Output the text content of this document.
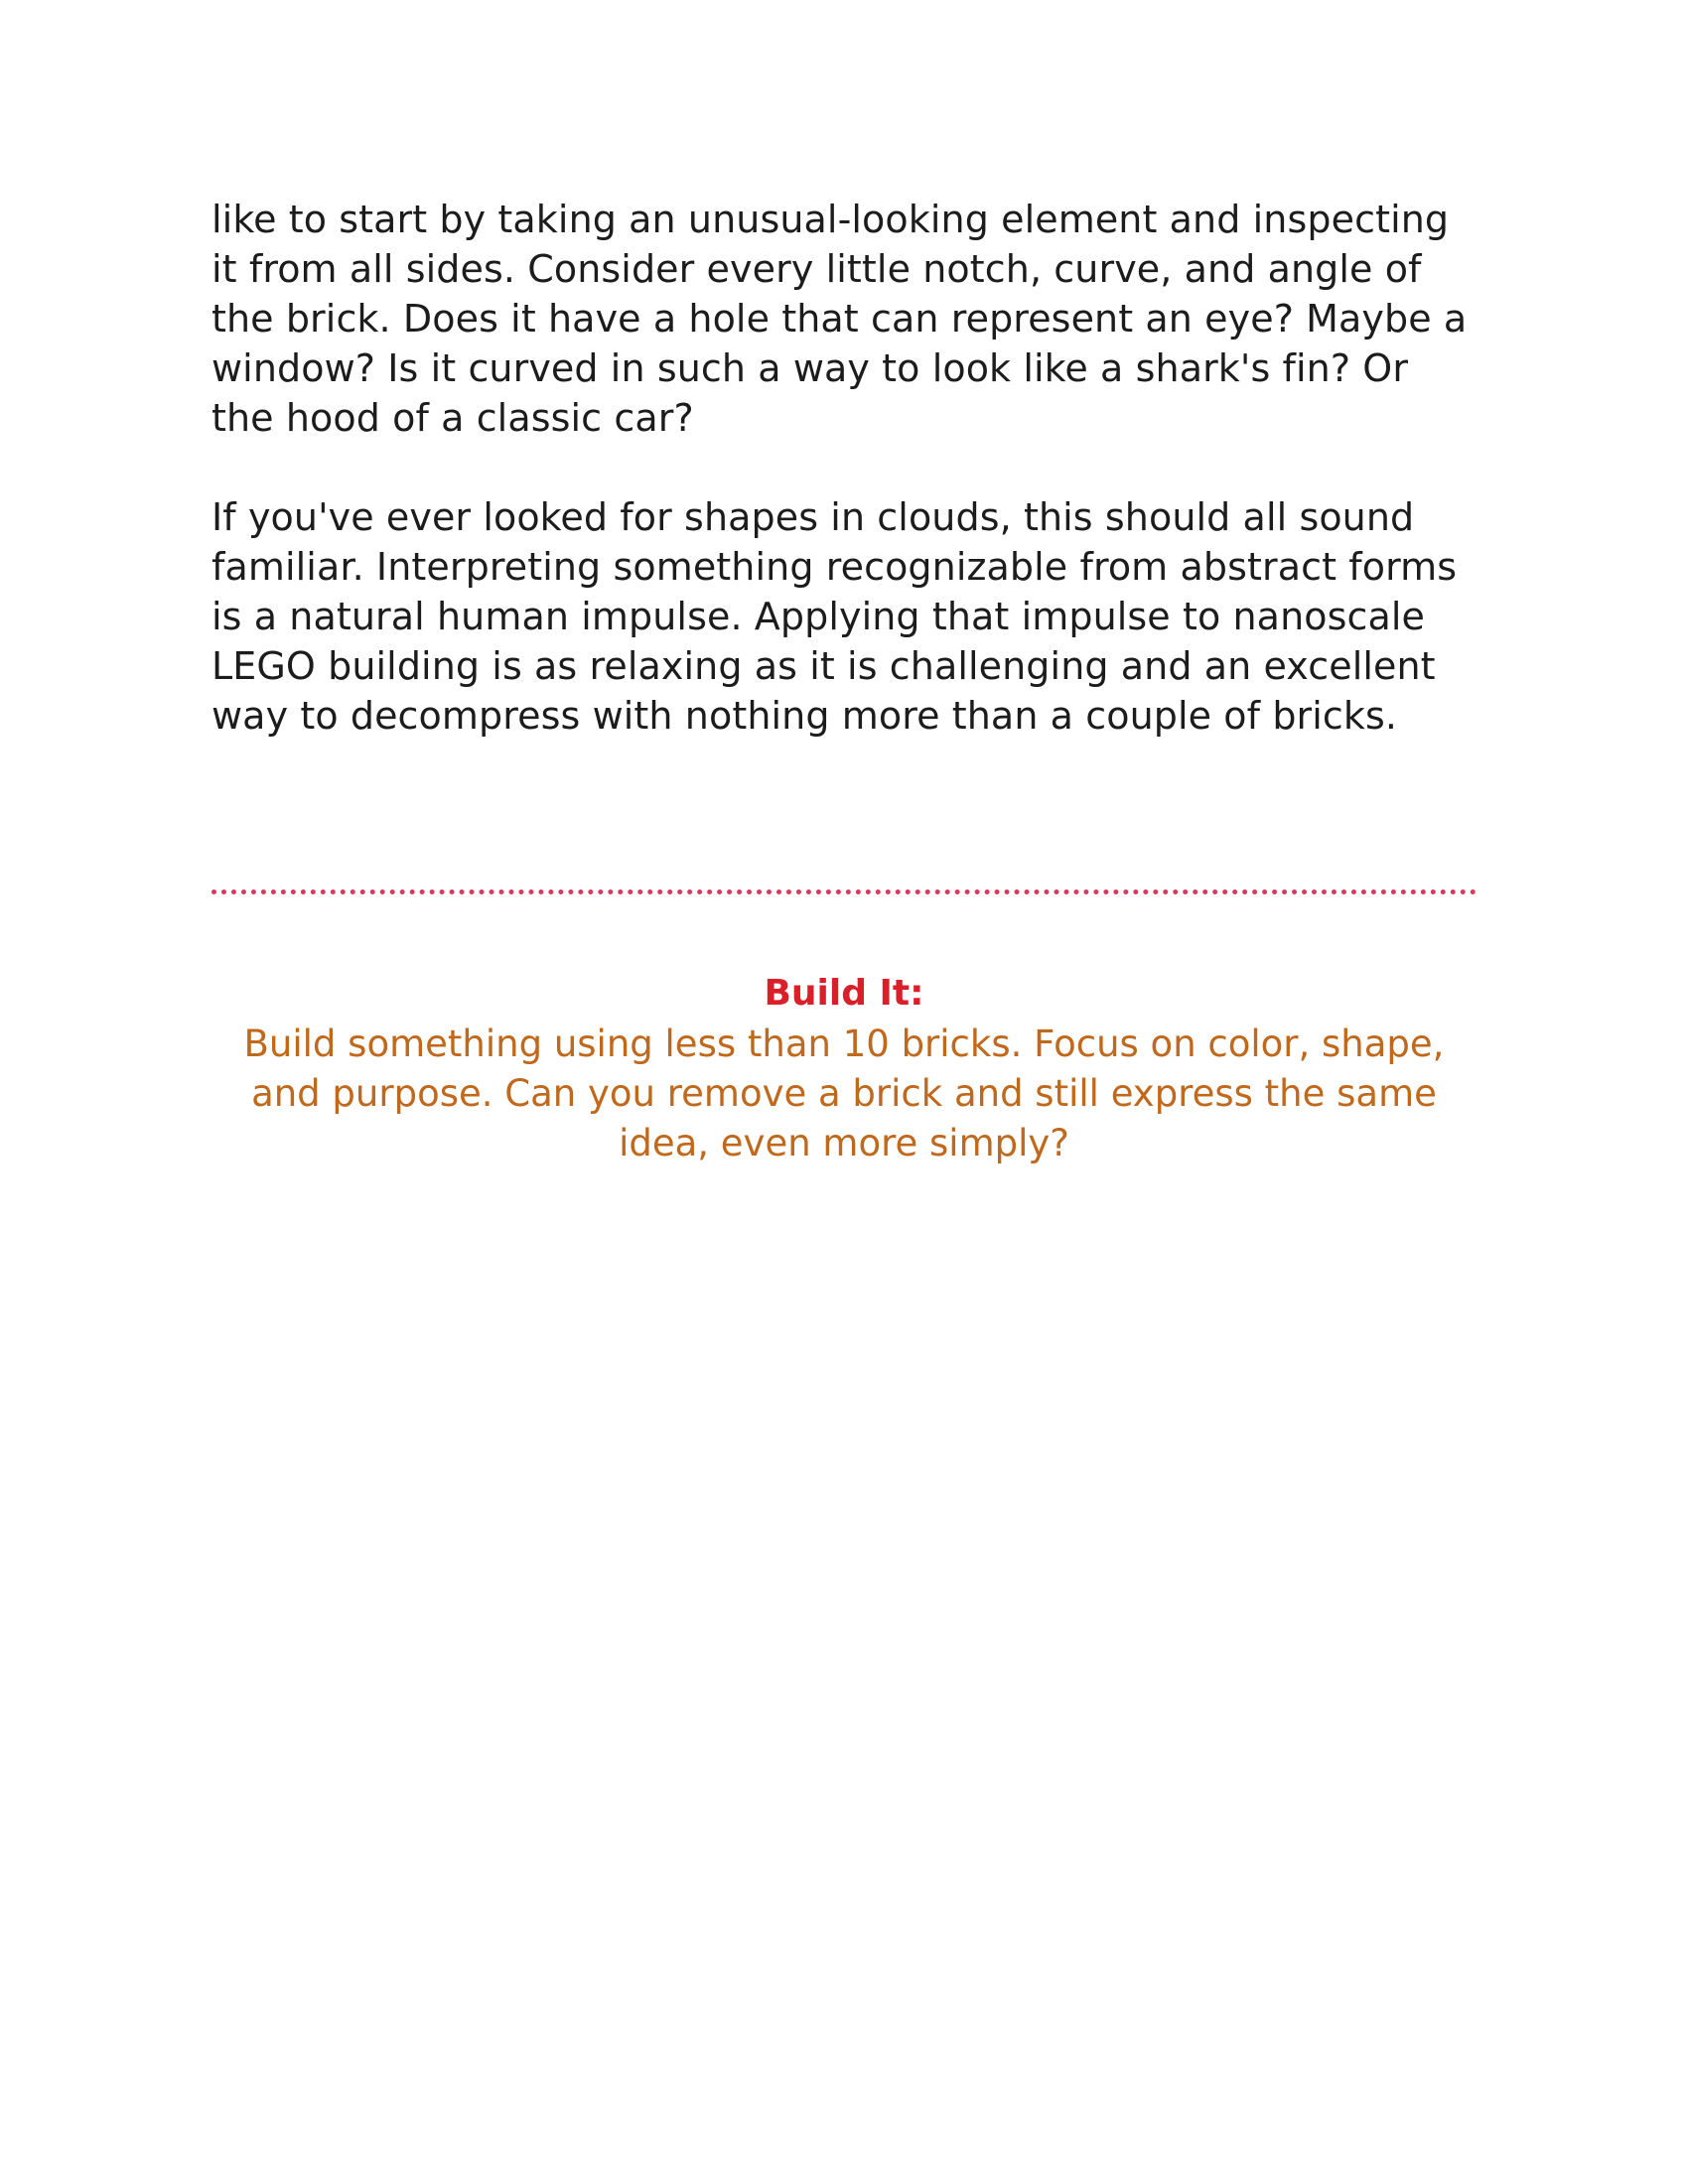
like to start by taking an unusual-looking element and inspecting it from all sides. Consider every little notch, curve, and angle of the brick. Does it have a hole that can represent an eye? Maybe a window? Is it curved in such a way to look like a shark's fin? Or the hood of a classic car?

If you've ever looked for shapes in clouds, this should all sound familiar. Interpreting something recognizable from abstract forms is a natural human impulse. Applying that impulse to nanoscale LEGO building is as relaxing as it is challenging and an excellent way to decompress with nothing more than a couple of bricks.

Build It:

Build something using less than 10 bricks. Focus on color, shape, and purpose. Can you remove a brick and still express the same idea, even more simply?
